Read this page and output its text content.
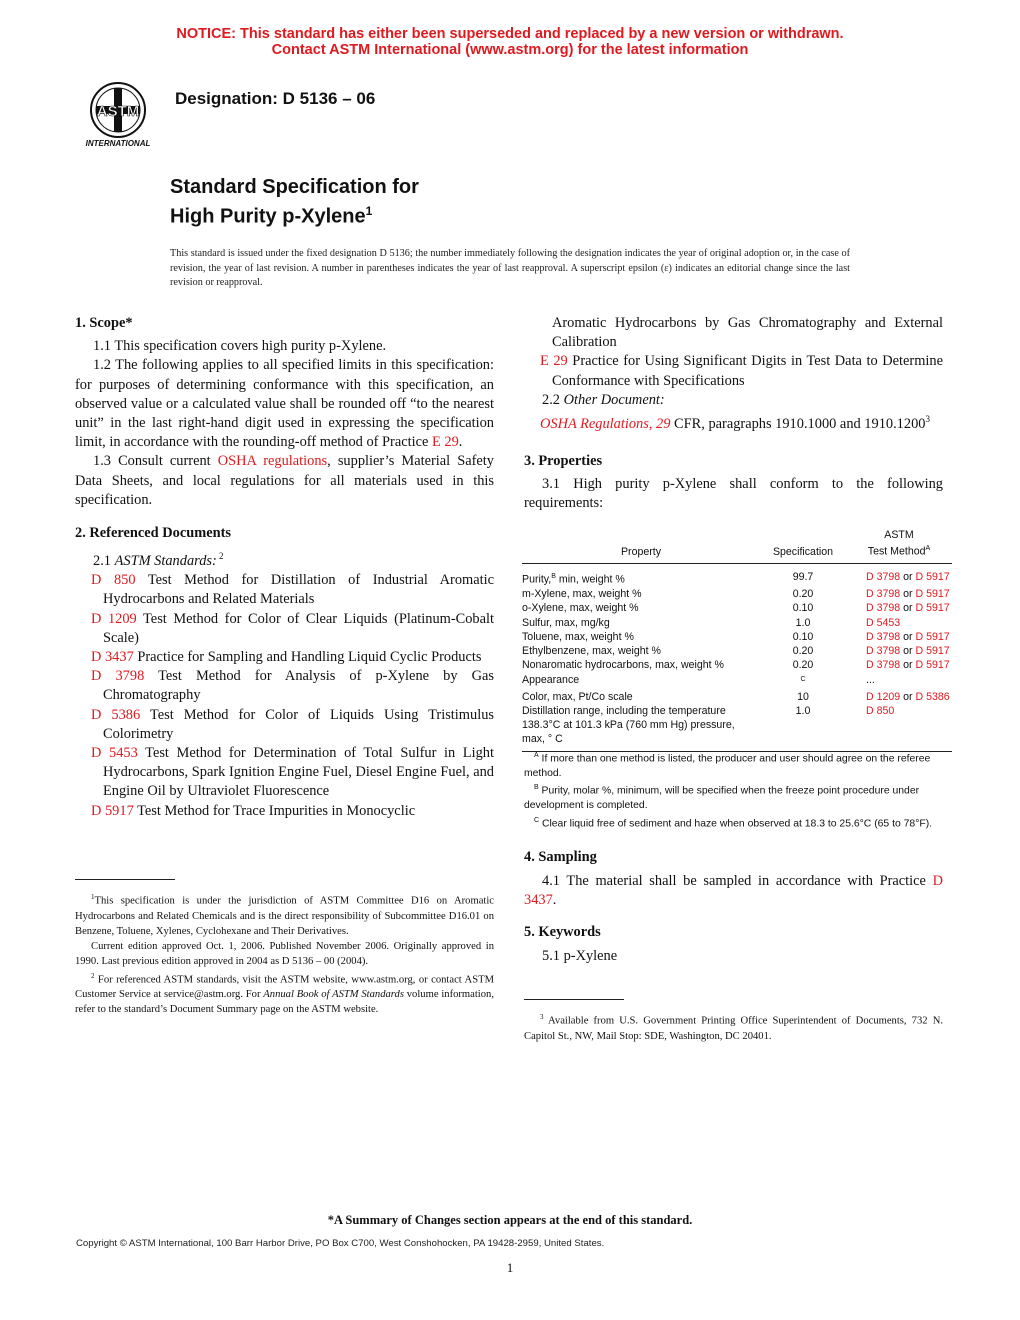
NOTICE: This standard has either been superseded and replaced by a new version or withdrawn.
Contact ASTM International (www.astm.org) for the latest information
ASTM
INTERNATIONAL
Designation: D 5136 – 06
Standard Specification for
High Purity p-Xylene$^1$
This standard is issued under the fixed designation D 5136; the number immediately following the designation indicates the year of original adoption or, in the case of revision, the year of last revision. A number in parentheses indicates the year of last reapproval. A superscript epsilon (ε) indicates an editorial change since the last revision or reapproval.

1. Scope*

1.1 This specification covers high purity p-Xylene.

1.2 The following applies to all specified limits in this specification: for purposes of determining conformance with this specification, an observed value or a calculated value shall be rounded off “to the nearest unit” in the last right-hand digit used in expressing the specification limit, in accordance with the rounding-off method of Practice E 29.

1.3 Consult current OSHA regulations, supplier’s Material Safety Data Sheets, and local regulations for all materials used in this specification.

2. Referenced Documents

2.1 ASTM Standards: $^2$

D 850 Test Method for Distillation of Industrial Aromatic Hydrocarbons and Related Materials

D 1209 Test Method for Color of Clear Liquids (Platinum-Cobalt Scale)

D 3437 Practice for Sampling and Handling Liquid Cyclic Products

D 3798 Test Method for Analysis of p-Xylene by Gas Chromatography

D 5386 Test Method for Color of Liquids Using Tristimulus Colorimetry

D 5453 Test Method for Determination of Total Sulfur in Light Hydrocarbons, Spark Ignition Engine Fuel, Diesel Engine Fuel, and Engine Oil by Ultraviolet Fluorescence

D 5917 Test Method for Trace Impurities in Monocyclic

$^1$This specification is under the jurisdiction of ASTM Committee D16 on Aromatic Hydrocarbons and Related Chemicals and is the direct responsibility of Subcommittee D16.01 on Benzene, Toluene, Xylenes, Cyclohexane and Their Derivatives.

Current edition approved Oct. 1, 2006. Published November 2006. Originally approved in 1990. Last previous edition approved in 2004 as D 5136 – 00 (2004).

$^2$ For referenced ASTM standards, visit the ASTM website, www.astm.org, or contact ASTM Customer Service at service@astm.org. For Annual Book of ASTM Standards volume information, refer to the standard’s Document Summary page on the ASTM website.

Aromatic Hydrocarbons by Gas Chromatography and External Calibration

E 29 Practice for Using Significant Digits in Test Data to Determine Conformance with Specifications

2.2 Other Document:

OSHA Regulations, 29 CFR, paragraphs 1910.1000 and 1910.1200$^3$

3. Properties

3.1 High purity p-Xylene shall conform to the following requirements:

Property	Specification	ASTM
Test Method$^A$
Purity,$^B$ min, weight %	99.7	D 3798 or D 5917
m-Xylene, max, weight %	0.20	D 3798 or D 5917
o-Xylene, max, weight %	0.10	D 3798 or D 5917
Sulfur, max, mg/kg	1.0	D 5453
Toluene, max, weight %	0.10	D 3798 or D 5917
Ethylbenzene, max, weight %	0.20	D 3798 or D 5917
Nonaromatic hydrocarbons, max, weight %	0.20	D 3798 or D 5917
Appearance	$^C$	...
Color, max, Pt/Co scale	10	D 1209 or D 5386
Distillation range, including the temperature 138.3°C at 101.3 kPa (760 mm Hg) pressure, max, ° C	1.0	D 850

$^A$ If more than one method is listed, the producer and user should agree on the referee method.

$^B$ Purity, molar %, minimum, will be specified when the freeze point procedure under development is completed.

$^C$ Clear liquid free of sediment and haze when observed at 18.3 to 25.6°C (65 to 78°F).

4. Sampling

4.1 The material shall be sampled in accordance with Practice D 3437.

5. Keywords

5.1 p-Xylene

$^3$ Available from U.S. Government Printing Office Superintendent of Documents, 732 N. Capitol St., NW, Mail Stop: SDE, Washington, DC 20401.

*A Summary of Changes section appears at the end of this standard.
Copyright © ASTM International, 100 Barr Harbor Drive, PO Box C700, West Conshohocken, PA 19428-2959, United States.
1
